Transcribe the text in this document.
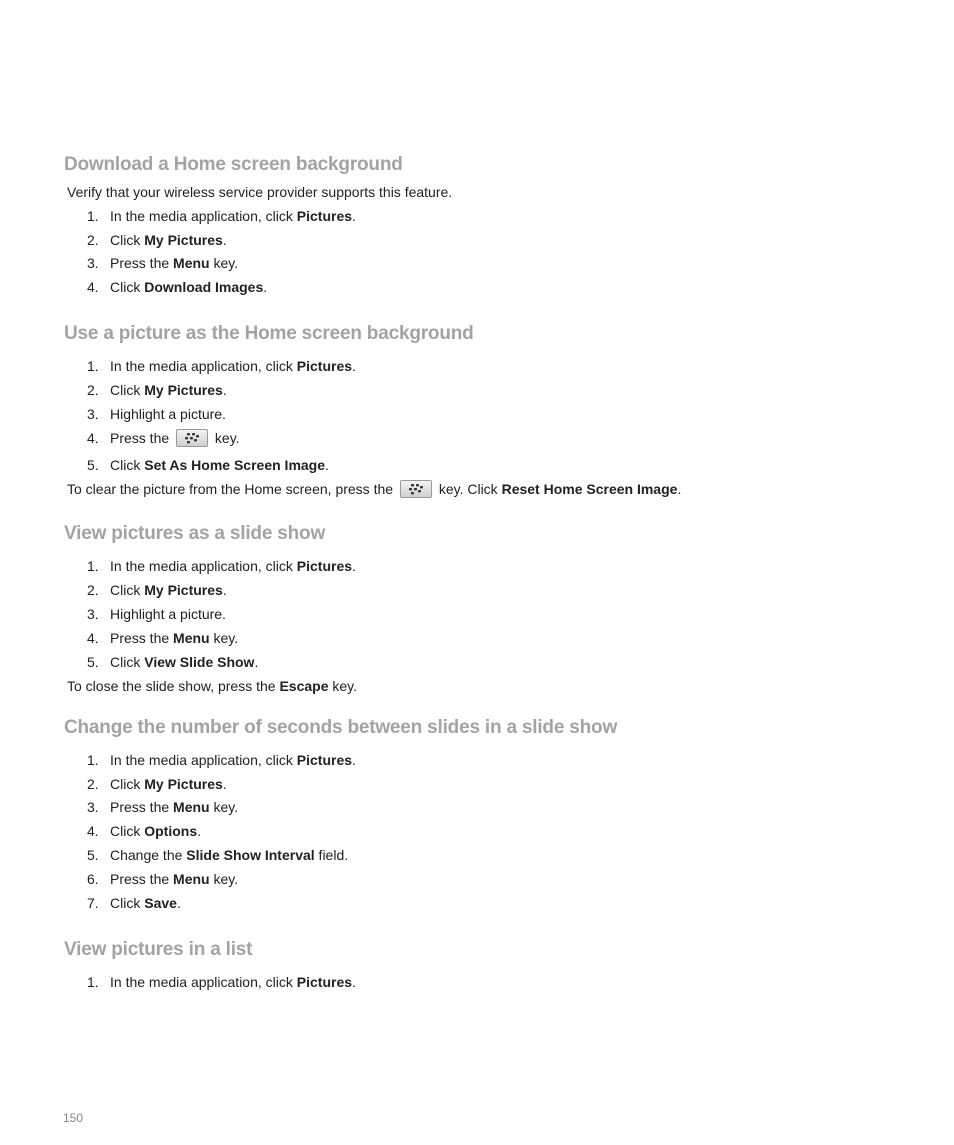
Download a Home screen background

Verify that your wireless service provider supports this feature.

1. In the media application, click Pictures.
2. Click My Pictures.
3. Press the Menu key.
4. Click Download Images.
Use a picture as the Home screen background
1. In the media application, click Pictures.
2. Click My Pictures.
3. Highlight a picture.
4. Press the	key.
5. Click Set As Home Screen Image.

To clear the picture from the Home screen, press the	key. Click Reset Home Screen Image.

View pictures as a slide show
1. In the media application, click Pictures.
2. Click My Pictures.
3. Highlight a picture.
4. Press the Menu key.
5. Click View Slide Show.

To close the slide show, press the Escape key.

Change the number of seconds between slides in a slide show
1. In the media application, click Pictures.
2. Click My Pictures.
3. Press the Menu key.
4. Click Options.
5. Change the Slide Show Interval field.
6. Press the Menu key.
7. Click Save.
View pictures in a list
1. In the media application, click Pictures.
150
